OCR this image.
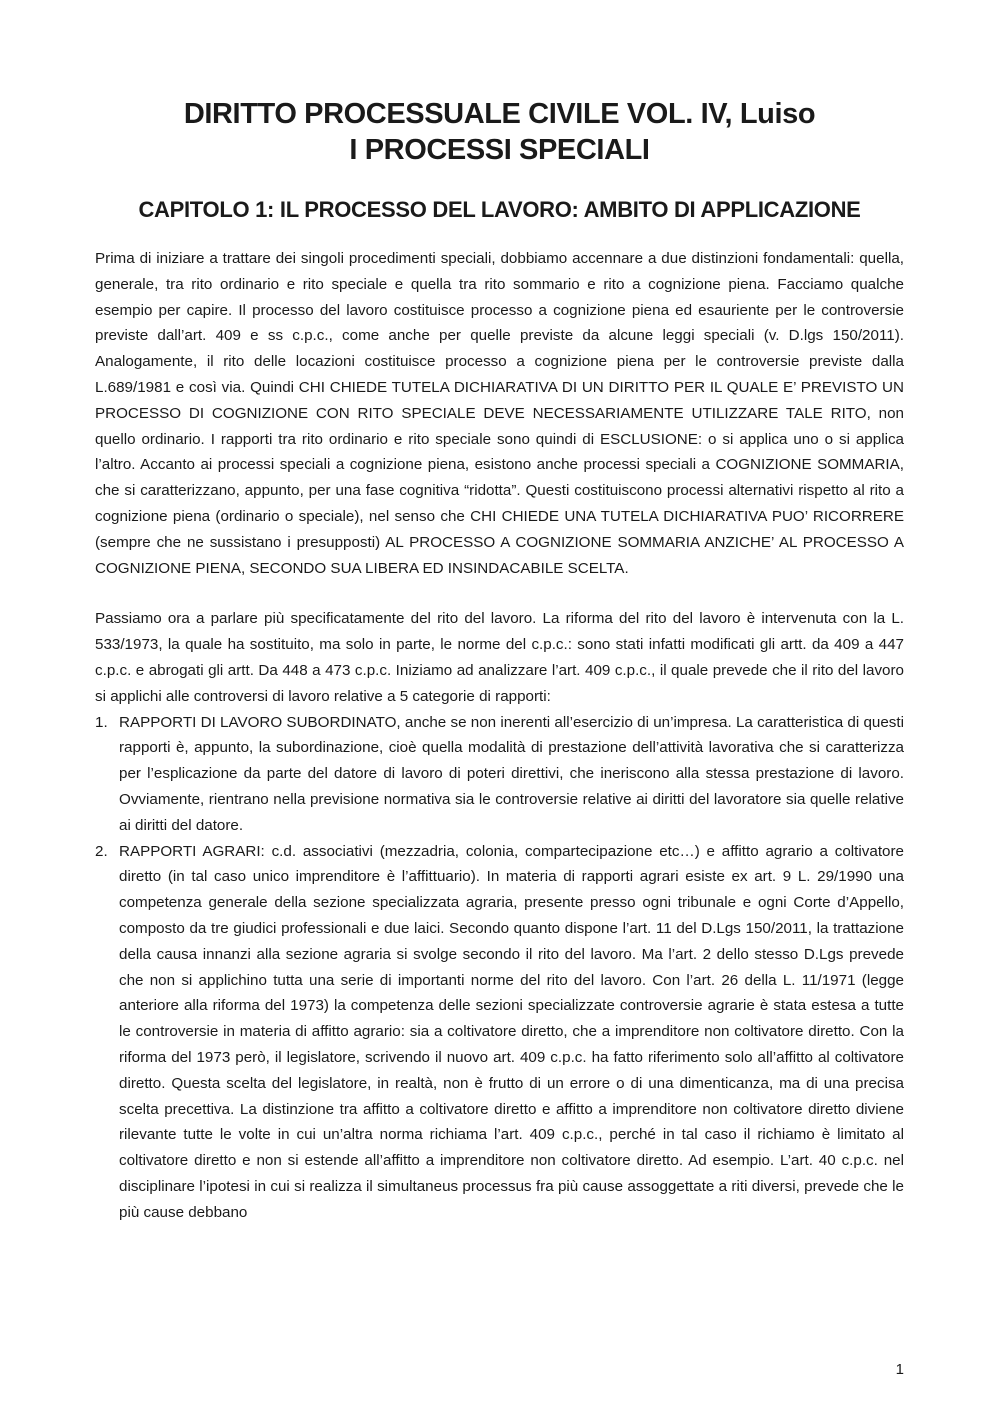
DIRITTO PROCESSUALE CIVILE VOL. IV, Luiso
I PROCESSI SPECIALI
CAPITOLO 1: IL PROCESSO DEL LAVORO: AMBITO DI APPLICAZIONE

Prima di iniziare a trattare dei singoli procedimenti speciali, dobbiamo accennare a due distinzioni fondamentali: quella, generale, tra rito ordinario e rito speciale e quella tra rito sommario e rito a cognizione piena. Facciamo qualche esempio per capire. Il processo del lavoro costituisce processo a cognizione piena ed esauriente per le controversie previste dall’art. 409 e ss c.p.c., come anche per quelle previste da alcune leggi speciali (v. D.lgs 150/2011). Analogamente, il rito delle locazioni costituisce processo a cognizione piena per le controversie previste dalla L.689/1981 e così via. Quindi CHI CHIEDE TUTELA DICHIARATIVA DI UN DIRITTO PER IL QUALE E’ PREVISTO UN PROCESSO DI COGNIZIONE CON RITO SPECIALE DEVE NECESSARIAMENTE UTILIZZARE TALE RITO, non quello ordinario. I rapporti tra rito ordinario e rito speciale sono quindi di ESCLUSIONE: o si applica uno o si applica l’altro. Accanto ai processi speciali a cognizione piena, esistono anche processi speciali a COGNIZIONE SOMMARIA, che si caratterizzano, appunto, per una fase cognitiva “ridotta”. Questi costituiscono processi alternativi rispetto al rito a cognizione piena (ordinario o speciale), nel senso che CHI CHIEDE UNA TUTELA DICHIARATIVA PUO’ RICORRERE (sempre che ne sussistano i presupposti) AL PROCESSO A COGNIZIONE SOMMARIA ANZICHE’ AL PROCESSO A COGNIZIONE PIENA, SECONDO SUA LIBERA ED INSINDACABILE SCELTA.

Passiamo ora a parlare più specificatamente del rito del lavoro. La riforma del rito del lavoro è intervenuta con la L. 533/1973, la quale ha sostituito, ma solo in parte, le norme del c.p.c.: sono stati infatti modificati gli artt. da 409 a 447 c.p.c. e abrogati gli artt. Da 448 a 473 c.p.c. Iniziamo ad analizzare l’art. 409 c.p.c., il quale prevede che il rito del lavoro si applichi alle controversi di lavoro relative a 5 categorie di rapporti:

1. RAPPORTI DI LAVORO SUBORDINATO, anche se non inerenti all’esercizio di un’impresa. La caratteristica di questi rapporti è, appunto, la subordinazione, cioè quella modalità di prestazione dell’attività lavorativa che si caratterizza per l’esplicazione da parte del datore di lavoro di poteri direttivi, che ineriscono alla stessa prestazione di lavoro. Ovviamente, rientrano nella previsione normativa sia le controversie relative ai diritti del lavoratore sia quelle relative ai diritti del datore.
2. RAPPORTI AGRARI: c.d. associativi (mezzadria, colonia, compartecipazione etc…) e affitto agrario a coltivatore diretto (in tal caso unico imprenditore è l’affittuario). In materia di rapporti agrari esiste ex art. 9 L. 29/1990 una competenza generale della sezione specializzata agraria, presente presso ogni tribunale e ogni Corte d’Appello, composto da tre giudici professionali e due laici. Secondo quanto dispone l’art. 11 del D.Lgs 150/2011, la trattazione della causa innanzi alla sezione agraria si svolge secondo il rito del lavoro. Ma l’art. 2 dello stesso D.Lgs prevede che non si applichino tutta una serie di importanti norme del rito del lavoro. Con l’art. 26 della L. 11/1971 (legge anteriore alla riforma del 1973) la competenza delle sezioni specializzate controversie agrarie è stata estesa a tutte le controversie in materia di affitto agrario: sia a coltivatore diretto, che a imprenditore non coltivatore diretto. Con la riforma del 1973 però, il legislatore, scrivendo il nuovo art. 409 c.p.c. ha fatto riferimento solo all’affitto al coltivatore diretto. Questa scelta del legislatore, in realtà, non è frutto di un errore o di una dimenticanza, ma di una precisa scelta precettiva. La distinzione tra affitto a coltivatore diretto e affitto a imprenditore non coltivatore diretto diviene rilevante tutte le volte in cui un’altra norma richiama l’art. 409 c.p.c., perché in tal caso il richiamo è limitato al coltivatore diretto e non si estende all’affitto a imprenditore non coltivatore diretto. Ad esempio. L’art. 40 c.p.c. nel disciplinare l’ipotesi in cui si realizza il simultaneus processus fra più cause assoggettate a riti diversi, prevede che le più cause debbano
1
